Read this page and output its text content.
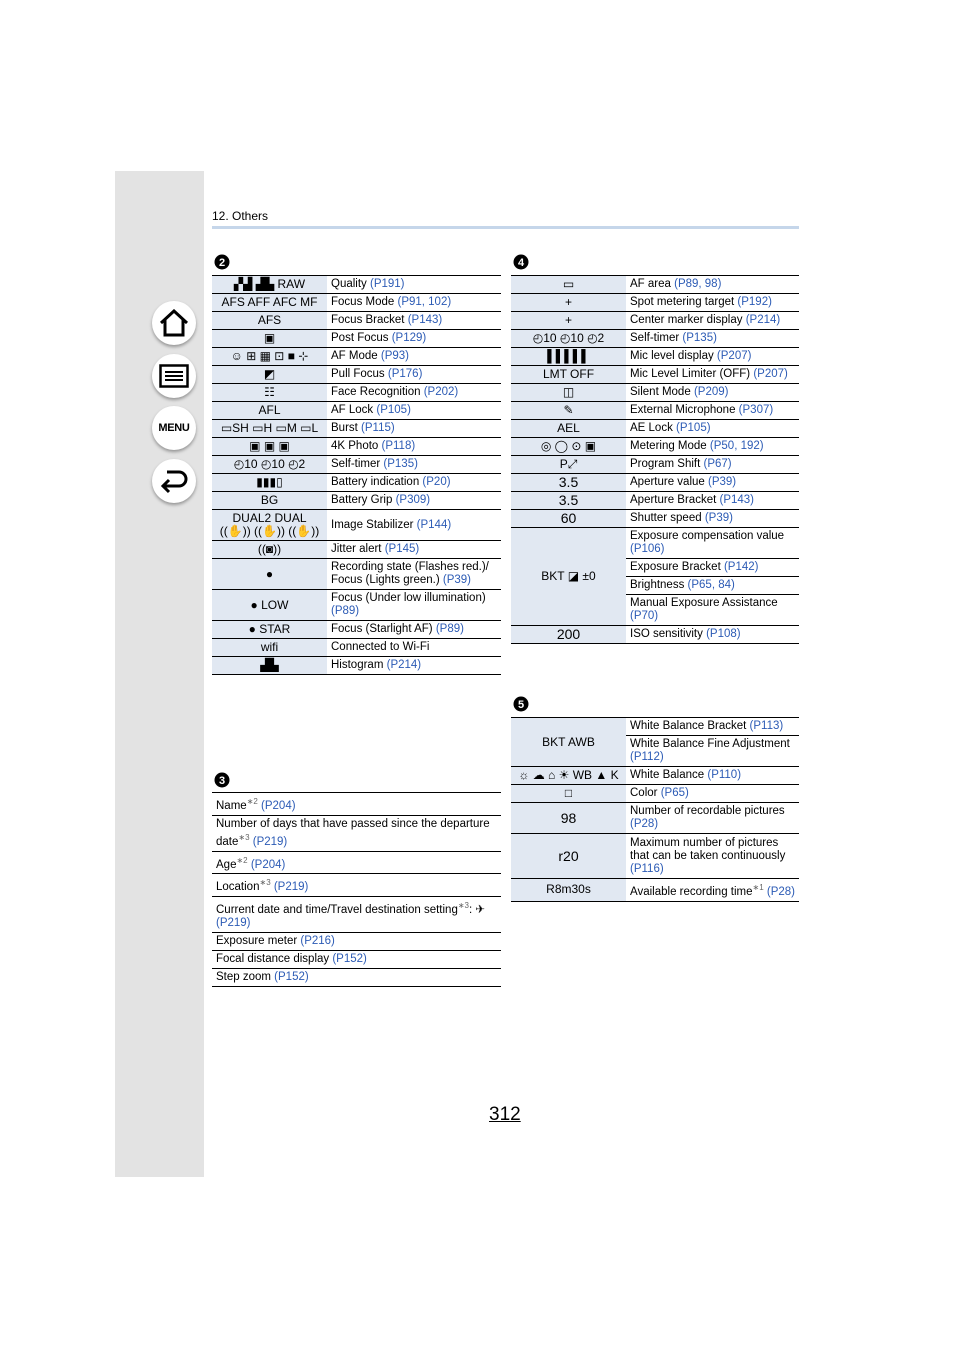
MENU
12. Others
2
▞▟ ▟▙ RAW	Quality (P191)
AFS AFF AFC MF	Focus Mode (P91, 102)
AFS	Focus Bracket (P143)
▣	Post Focus (P129)
☺ ⊞ ▦ ⊡ ■ ⊹	AF Mode (P93)
◩	Pull Focus (P176)
☷	Face Recognition (P202)
AFL	AF Lock (P105)
▭SH ▭H ▭M ▭L	Burst (P115)
▣ ▣ ▣	4K Photo (P118)
◴10 ◴10 ◴2	Self-timer (P135)
▮▮▮▯	Battery indication (P20)
BG	Battery Grip (P309)
DUAL2 DUAL ((✋)) ((✋)) ((✋))	Image Stabilizer (P144)
((◙))	Jitter alert (P145)
●	Recording state (Flashes red.)/ Focus (Lights green.) (P39)
● LOW	Focus (Under low illumination) (P89)
● STAR	Focus (Starlight AF) (P89)
wifi	Connected to Wi-Fi
▟▙	Histogram (P214)
3
Name$^{∗2}$ (P204)
Number of days that have passed since the departure date$^{∗3}$ (P219)
Age$^{∗2}$ (P204)
Location$^{∗3}$ (P219)
Current date and time/Travel destination setting$^{∗3}$: ✈ (P219)
Exposure meter (P216)
Focal distance display (P152)
Step zoom (P152)
4
▭	AF area (P89, 98)
+	Spot metering target (P192)
+	Center marker display (P214)
◴10 ◴10 ◴2	Self-timer (P135)
▌▌▌▌▌	Mic level display (P207)
LMT OFF	Mic Level Limiter (OFF) (P207)
◫	Silent Mode (P209)
✎	External Microphone (P307)
AEL	AE Lock (P105)
◎ ◯ ⊙ ▣	Metering Mode (P50, 192)
P⤢	Program Shift (P67)
3.5	Aperture value (P39)
3.5	Aperture Bracket (P143)
60	Shutter speed (P39)
BKT ◪ ±0	Exposure compensation value (P106)
	Exposure Bracket (P142)
	Brightness (P65, 84)
	Manual Exposure Assistance (P70)
200	ISO sensitivity (P108)
5
BKT AWB	White Balance Bracket (P113)
	White Balance Fine Adjustment (P112)
☼ ☁ ⌂ ☀ WB ▲ K	White Balance (P110)
□	Color (P65)
98	Number of recordable pictures (P28)
r20	Maximum number of pictures that can be taken continuously (P116)
R8m30s	Available recording time$^{∗1}$ (P28)
312
